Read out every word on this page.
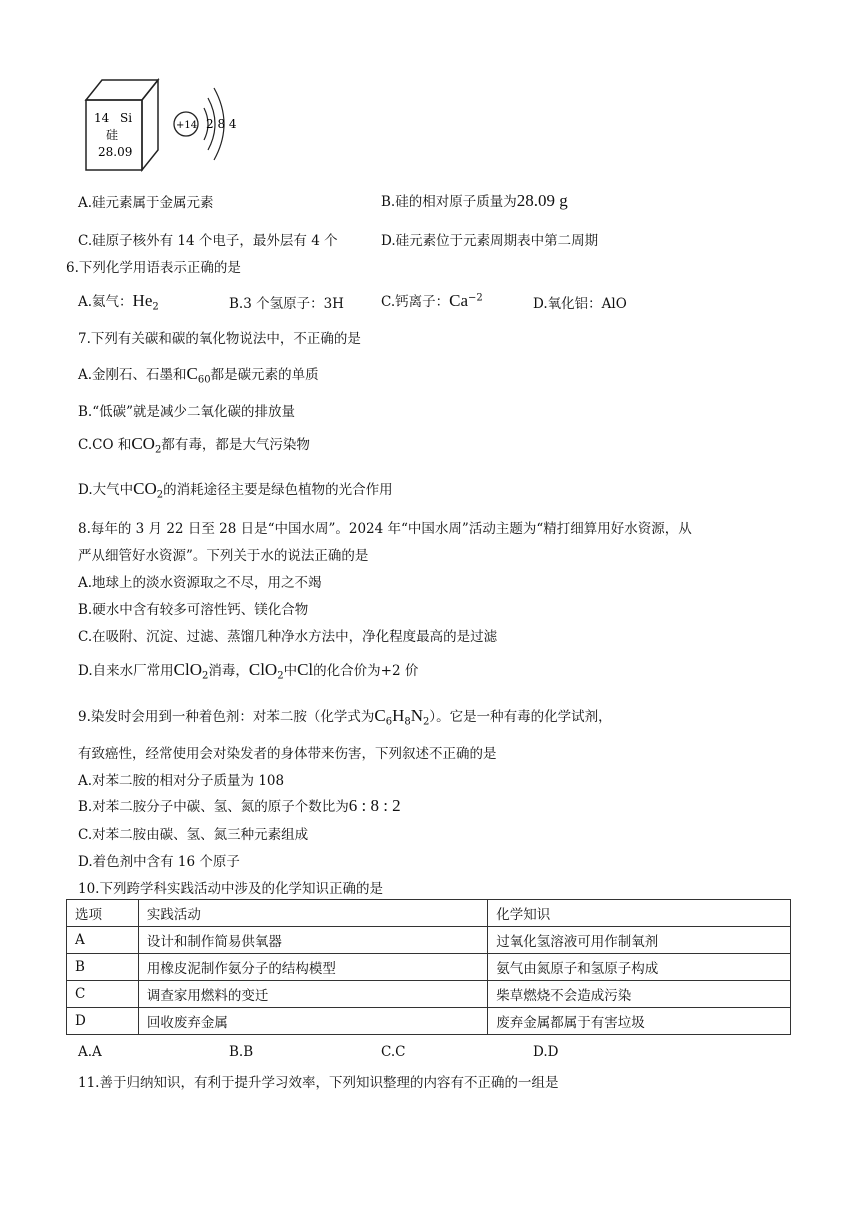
14 Si
硅
28.09
+14 2 8 4
A.硅元素属于金属元素	B.硅的相对原子质量为28.09 g
C.硅原子核外有 14 个电子，最外层有 4 个	D.硅元素位于元素周期表中第二周期
6.下列化学用语表示正确的是
A.氦气：$He_2$	B.3 个氢原子：3H	C.钙离子：$Ca^{-2}$	D.氧化铝：AlO
7.下列有关碳和碳的氧化物说法中，不正确的是
A.金刚石、石墨和$C_{60}$都是碳元素的单质
B.“低碳”就是减少二氧化碳的排放量
C.CO 和$CO_2$都有毒，都是大气污染物
D.大气中$CO_2$的消耗途径主要是绿色植物的光合作用
8.每年的 3 月 22 日至 28 日是“中国水周”。2024 年“中国水周”活动主题为“精打细算用好水资源，从
严从细管好水资源”。下列关于水的说法正确的是
A.地球上的淡水资源取之不尽，用之不竭
B.硬水中含有较多可溶性钙、镁化合物
C.在吸附、沉淀、过滤、蒸馏几种净水方法中，净化程度最高的是过滤
D.自来水厂常用ClO$_2$消毒，ClO$_2$中Cl的化合价为+2 价
9.染发时会用到一种着色剂：对苯二胺（化学式为$C_6H_8N_2$）。它是一种有毒的化学试剂，
有致癌性，经常使用会对染发者的身体带来伤害，下列叙述不正确的是
A.对苯二胺的相对分子质量为 108
B.对苯二胺分子中碳、氢、氮的原子个数比为6 : 8 : 2
C.对苯二胺由碳、氢、氮三种元素组成
D.着色剂中含有 16 个原子
10.下列跨学科实践活动中涉及的化学知识正确的是
选项	实践活动	化学知识
A	设计和制作简易供氧器	过氧化氢溶液可用作制氧剂
B	用橡皮泥制作氨分子的结构模型	氨气由氮原子和氢原子构成
C	调查家用燃料的变迁	柴草燃烧不会造成污染
D	回收废弃金属	废弃金属都属于有害垃圾
A.A	B.B	C.C	D.D
11.善于归纳知识，有利于提升学习效率，下列知识整理的内容有不正确的一组是
